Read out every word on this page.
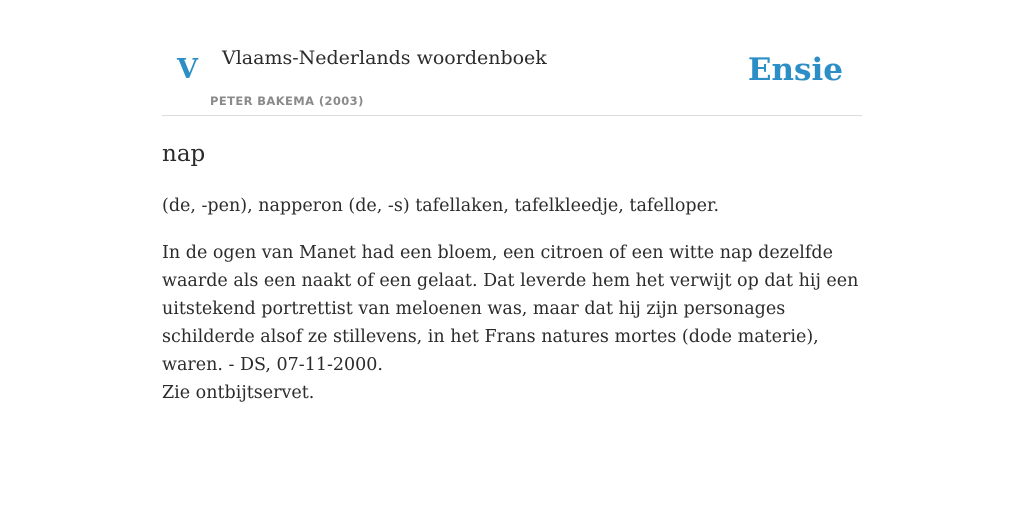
V Vlaams-Nederlands woordenboek
PETER BAKEMA (2003)
Ensie
nap

(de, -pen), napperon (de, -s) tafellaken, tafelkleedje, tafelloper.

In de ogen van Manet had een bloem, een citroen of een witte nap dezelfde waarde als een naakt of een gelaat. Dat leverde hem het verwijt op dat hij een uitstekend portrettist van meloenen was, maar dat hij zijn personages schilderde alsof ze stillevens, in het Frans natures mortes (dode materie), waren. - DS, 07-11-2000.

Zie ontbijtservet.
